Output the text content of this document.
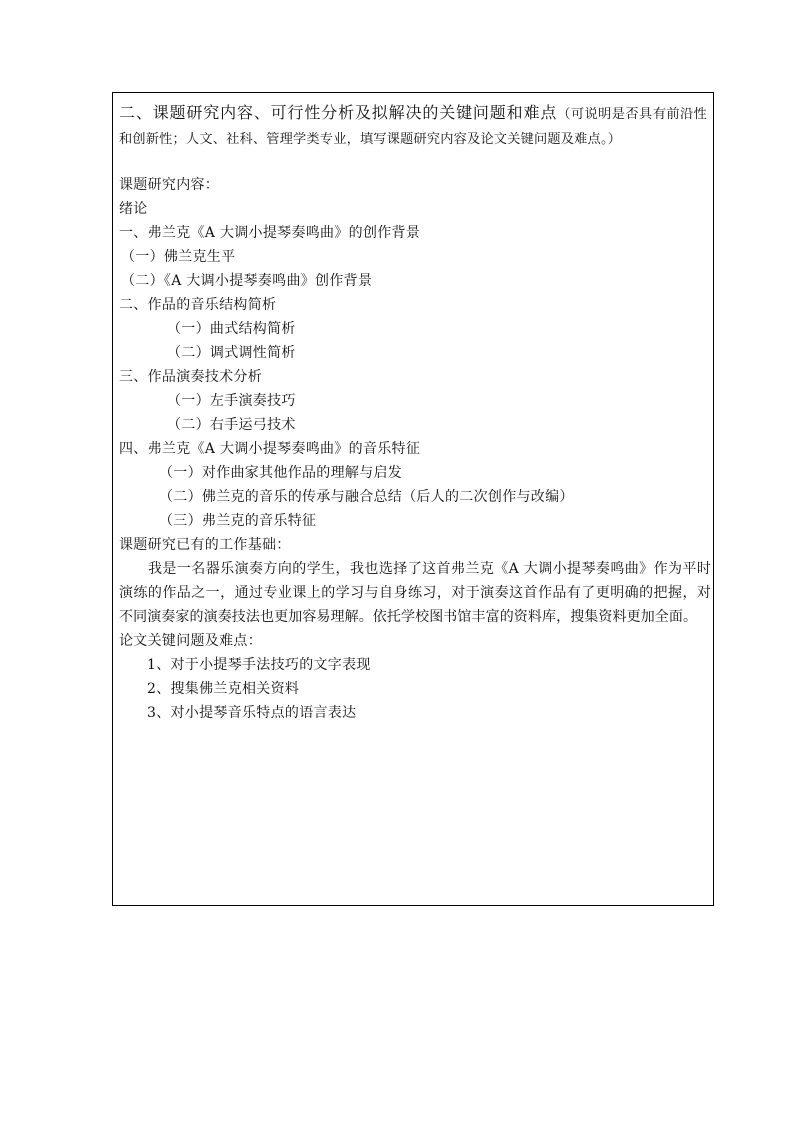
二、课题研究内容、可行性分析及拟解决的关键问题和难点（可说明是否具有前沿性和创新性；人文、社科、管理学类专业，填写课题研究内容及论文关键问题及难点。）
课题研究内容：
绪论
一、弗兰克《A 大调小提琴奏鸣曲》的创作背景
（一）佛兰克生平
（二）《A 大调小提琴奏鸣曲》创作背景
二、作品的音乐结构简析
（一）曲式结构简析
（二）调式调性简析
三、作品演奏技术分析
（一）左手演奏技巧
（二）右手运弓技术
四、弗兰克《A 大调小提琴奏鸣曲》的音乐特征
（一）对作曲家其他作品的理解与启发
（二）佛兰克的音乐的传承与融合总结（后人的二次创作与改编）
（三）弗兰克的音乐特征
课题研究已有的工作基础：
我是一名器乐演奏方向的学生，我也选择了这首弗兰克《A 大调小提琴奏鸣曲》作为平时演练的作品之一，通过专业课上的学习与自身练习，对于演奏这首作品有了更明确的把握，对不同演奏家的演奏技法也更加容易理解。依托学校图书馆丰富的资料库，搜集资料更加全面。
论文关键问题及难点：
1、对于小提琴手法技巧的文字表现
2、搜集佛兰克相关资料
3、对小提琴音乐特点的语言表达
